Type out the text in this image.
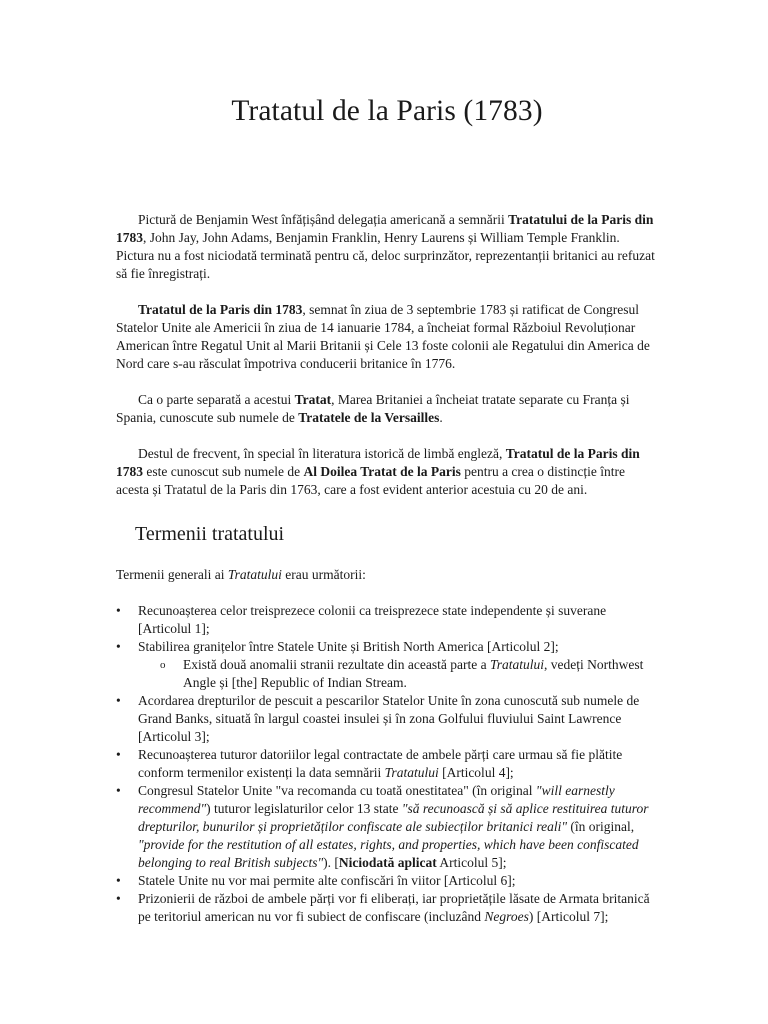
Tratatul de la Paris (1783)

Pictură de Benjamin West înfățișând delegația americană a semnării Tratatului de la Paris din 1783, John Jay, John Adams, Benjamin Franklin, Henry Laurens și William Temple Franklin. Pictura nu a fost niciodată terminată pentru că, deloc surprinzător, reprezentanții britanici au refuzat să fie înregistrați.

Tratatul de la Paris din 1783, semnat în ziua de 3 septembrie 1783 și ratificat de Congresul Statelor Unite ale Americii în ziua de 14 ianuarie 1784, a încheiat formal Războiul Revoluționar American între Regatul Unit al Marii Britanii și Cele 13 foste colonii ale Regatului din America de Nord care s-au răsculat împotriva conducerii britanice în 1776.

Ca o parte separată a acestui Tratat, Marea Britaniei a încheiat tratate separate cu Franța și Spania, cunoscute sub numele de Tratatele de la Versailles.

Destul de frecvent, în special în literatura istorică de limbă engleză, Tratatul de la Paris din 1783 este cunoscut sub numele de Al Doilea Tratat de la Paris pentru a crea o distincție între acesta și Tratatul de la Paris din 1763, care a fost evident anterior acestuia cu 20 de ani.

Termenii tratatului

Termenii generali ai Tratatului erau următorii:

• Recunoașterea celor treisprezece colonii ca treisprezece state independente și suverane [Articolul 1];
• Stabilirea granițelor între Statele Unite și British North America [Articolul 2];
o Există două anomalii stranii rezultate din această parte a Tratatului, vedeți Northwest Angle și [the] Republic of Indian Stream.
• Acordarea drepturilor de pescuit a pescarilor Statelor Unite în zona cunoscută sub numele de Grand Banks, situată în largul coastei insulei și în zona Golfului fluviului Saint Lawrence [Articolul 3];
• Recunoașterea tuturor datoriilor legal contractate de ambele părți care urmau să fie plătite conform termenilor existenți la data semnării Tratatului [Articolul 4];
• Congresul Statelor Unite "va recomanda cu toată onestitatea" (în original "will earnestly recommend") tuturor legislaturilor celor 13 state "să recunoască și să aplice restituirea tuturor drepturilor, bunurilor și proprietăților confiscate ale subiecților britanici reali" (în original, "provide for the restitution of all estates, rights, and properties, which have been confiscated belonging to real British subjects"). [Niciodată aplicat Articolul 5];
• Statele Unite nu vor mai permite alte confiscări în viitor [Articolul 6];
• Prizonierii de război de ambele părți vor fi eliberați, iar proprietățile lăsate de Armata britanică pe teritoriul american nu vor fi subiect de confiscare (incluzând Negroes) [Articolul 7];
